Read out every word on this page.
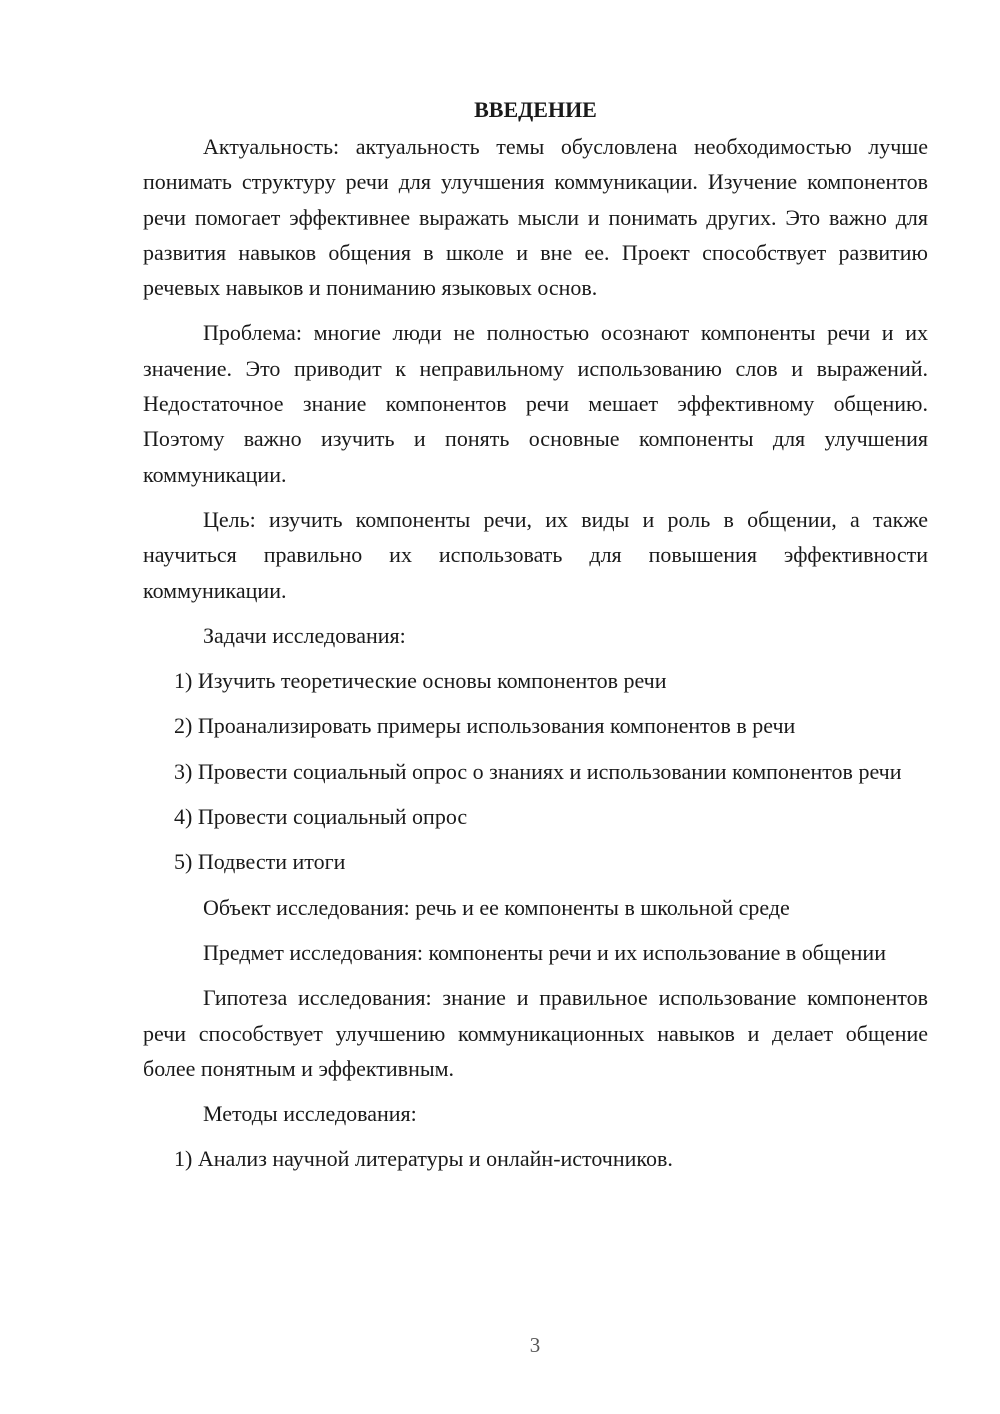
ВВЕДЕНИЕ

Актуальность: актуальность темы обусловлена необходимостью лучше понимать структуру речи для улучшения коммуникации. Изучение компонентов речи помогает эффективнее выражать мысли и понимать других. Это важно для развития навыков общения в школе и вне ее. Проект способствует развитию речевых навыков и пониманию языковых основ.

Проблема: многие люди не полностью осознают компоненты речи и их значение. Это приводит к неправильному использованию слов и выражений. Недостаточное знание компонентов речи мешает эффективному общению. Поэтому важно изучить и понять основные компоненты для улучшения коммуникации.

Цель: изучить компоненты речи, их виды и роль в общении, а также научиться правильно их использовать для повышения эффективности коммуникации.

Задачи исследования:

1) Изучить теоретические основы компонентов речи

2) Проанализировать примеры использования компонентов в речи

3) Провести социальный опрос о знаниях и использовании компонентов речи

4) Провести социальный опрос

5) Подвести итоги

Объект исследования: речь и ее компоненты в школьной среде

Предмет исследования: компоненты речи и их использование в общении

Гипотеза исследования: знание и правильное использование компонентов речи способствует улучшению коммуникационных навыков и делает общение более понятным и эффективным.

Методы исследования:

1) Анализ научной литературы и онлайн-источников.

3
